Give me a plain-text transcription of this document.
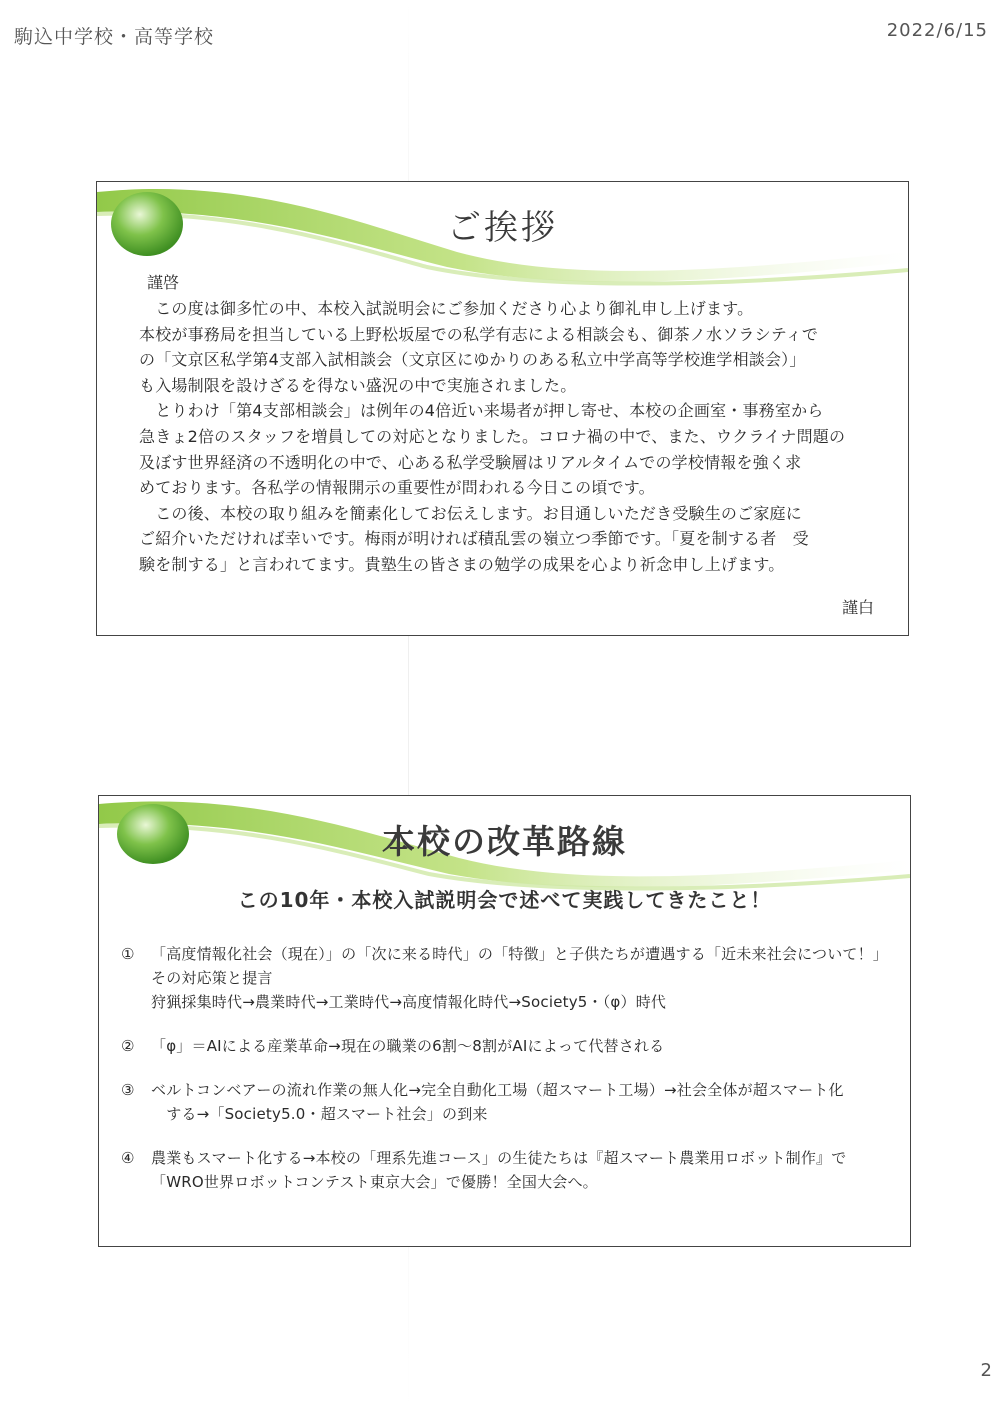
駒込中学校・高等学校	2022/6/15
ご挨拶
謹啓

　この度は御多忙の中、本校入試説明会にご参加くださり心より御礼申し上げます。

本校が事務局を担当している上野松坂屋での私学有志による相談会も、御茶ノ水ソラシティで

の「文京区私学第4支部入試相談会（文京区にゆかりのある私立中学高等学校進学相談会）」

も入場制限を設けざるを得ない盛況の中で実施されました。

　とりわけ「第4支部相談会」は例年の4倍近い来場者が押し寄せ、本校の企画室・事務室から

急きょ2倍のスタッフを増員しての対応となりました。コロナ禍の中で、また、ウクライナ問題の

及ぼす世界経済の不透明化の中で、心ある私学受験層はリアルタイムでの学校情報を強く求

めております。各私学の情報開示の重要性が問われる今日この頃です。

　この後、本校の取り組みを簡素化してお伝えします。お目通しいただき受験生のご家庭に

ご紹介いただければ幸いです。梅雨が明ければ積乱雲の嶺立つ季節です。「夏を制する者　受

験を制する」と言われてます。貴塾生の皆さまの勉学の成果を心より祈念申し上げます。

謹白
本校の改革路線
この10年・本校入試説明会で述べて実践してきたこと！
① 「高度情報化社会（現在）」の「次に来る時代」の「特徴」と子供たちが遭遇する「近未来社会について！」
その対応策と提言
狩猟採集時代→農業時代→工業時代→高度情報化時代→Society5・（φ）時代
② 「φ」＝AIによる産業革命→現在の職業の6割～8割がAIによって代替される
③ ベルトコンベアーの流れ作業の無人化→完全自動化工場（超スマート工場）→社会全体が超スマート化
　する→「Society5.0・超スマート社会」の到来
④ 農業もスマート化する→本校の「理系先進コース」の生徒たちは『超スマート農業用ロボット制作』で
「WRO世界ロボットコンテスト東京大会」で優勝！全国大会へ。
2
